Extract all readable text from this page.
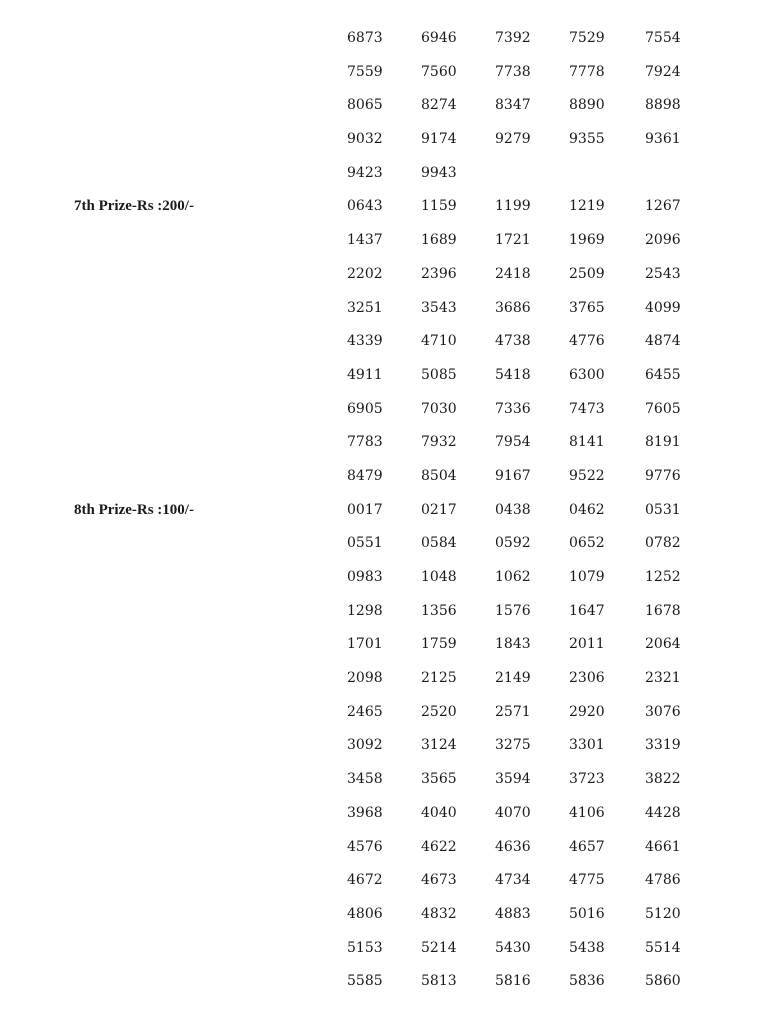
6873	6946	7392	7529	7554
7559	7560	7738	7778	7924
8065	8274	8347	8890	8898
9032	9174	9279	9355	9361
9423	9943
7th Prize-Rs :200/-	0643	1159	1199	1219	1267
1437	1689	1721	1969	2096
2202	2396	2418	2509	2543
3251	3543	3686	3765	4099
4339	4710	4738	4776	4874
4911	5085	5418	6300	6455
6905	7030	7336	7473	7605
7783	7932	7954	8141	8191
8479	8504	9167	9522	9776
8th Prize-Rs :100/-	0017	0217	0438	0462	0531
0551	0584	0592	0652	0782
0983	1048	1062	1079	1252
1298	1356	1576	1647	1678
1701	1759	1843	2011	2064
2098	2125	2149	2306	2321
2465	2520	2571	2920	3076
3092	3124	3275	3301	3319
3458	3565	3594	3723	3822
3968	4040	4070	4106	4428
4576	4622	4636	4657	4661
4672	4673	4734	4775	4786
4806	4832	4883	5016	5120
5153	5214	5430	5438	5514
5585	5813	5816	5836	5860
